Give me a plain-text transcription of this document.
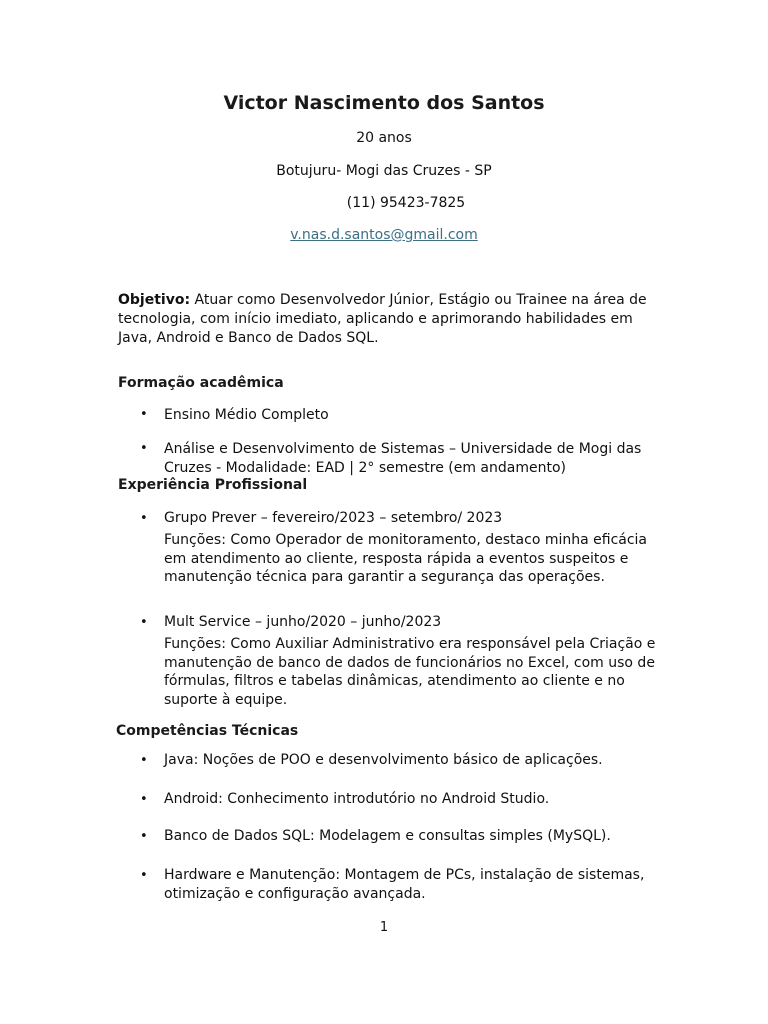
Victor Nascimento dos Santos
20 anos
Botujuru- Mogi das Cruzes - SP
(11) 95423-7825
v.nas.d.santos@gmail.com
Objetivo: Atuar como Desenvolvedor Júnior, Estágio ou Trainee na área de tecnologia, com início imediato, aplicando e aprimorando habilidades em Java, Android e Banco de Dados SQL.
Formação acadêmica
• Ensino Médio Completo
• Análise e Desenvolvimento de Sistemas – Universidade de Mogi das Cruzes - Modalidade: EAD | 2° semestre (em andamento)
Experiência Profissional
• Grupo Prever – fevereiro/2023 – setembro/ 2023
Funções: Como Operador de monitoramento, destaco minha eficácia em atendimento ao cliente, resposta rápida a eventos suspeitos e manutenção técnica para garantir a segurança das operações.
• Mult Service – junho/2020 – junho/2023
Funções: Como Auxiliar Administrativo era responsável pela Criação e manutenção de banco de dados de funcionários no Excel, com uso de fórmulas, filtros e tabelas dinâmicas, atendimento ao cliente e no suporte à equipe.
Competências Técnicas
• Java: Noções de POO e desenvolvimento básico de aplicações.
• Android: Conhecimento introdutório no Android Studio.
• Banco de Dados SQL: Modelagem e consultas simples (MySQL).
• Hardware e Manutenção: Montagem de PCs, instalação de sistemas, otimização e configuração avançada.
1
